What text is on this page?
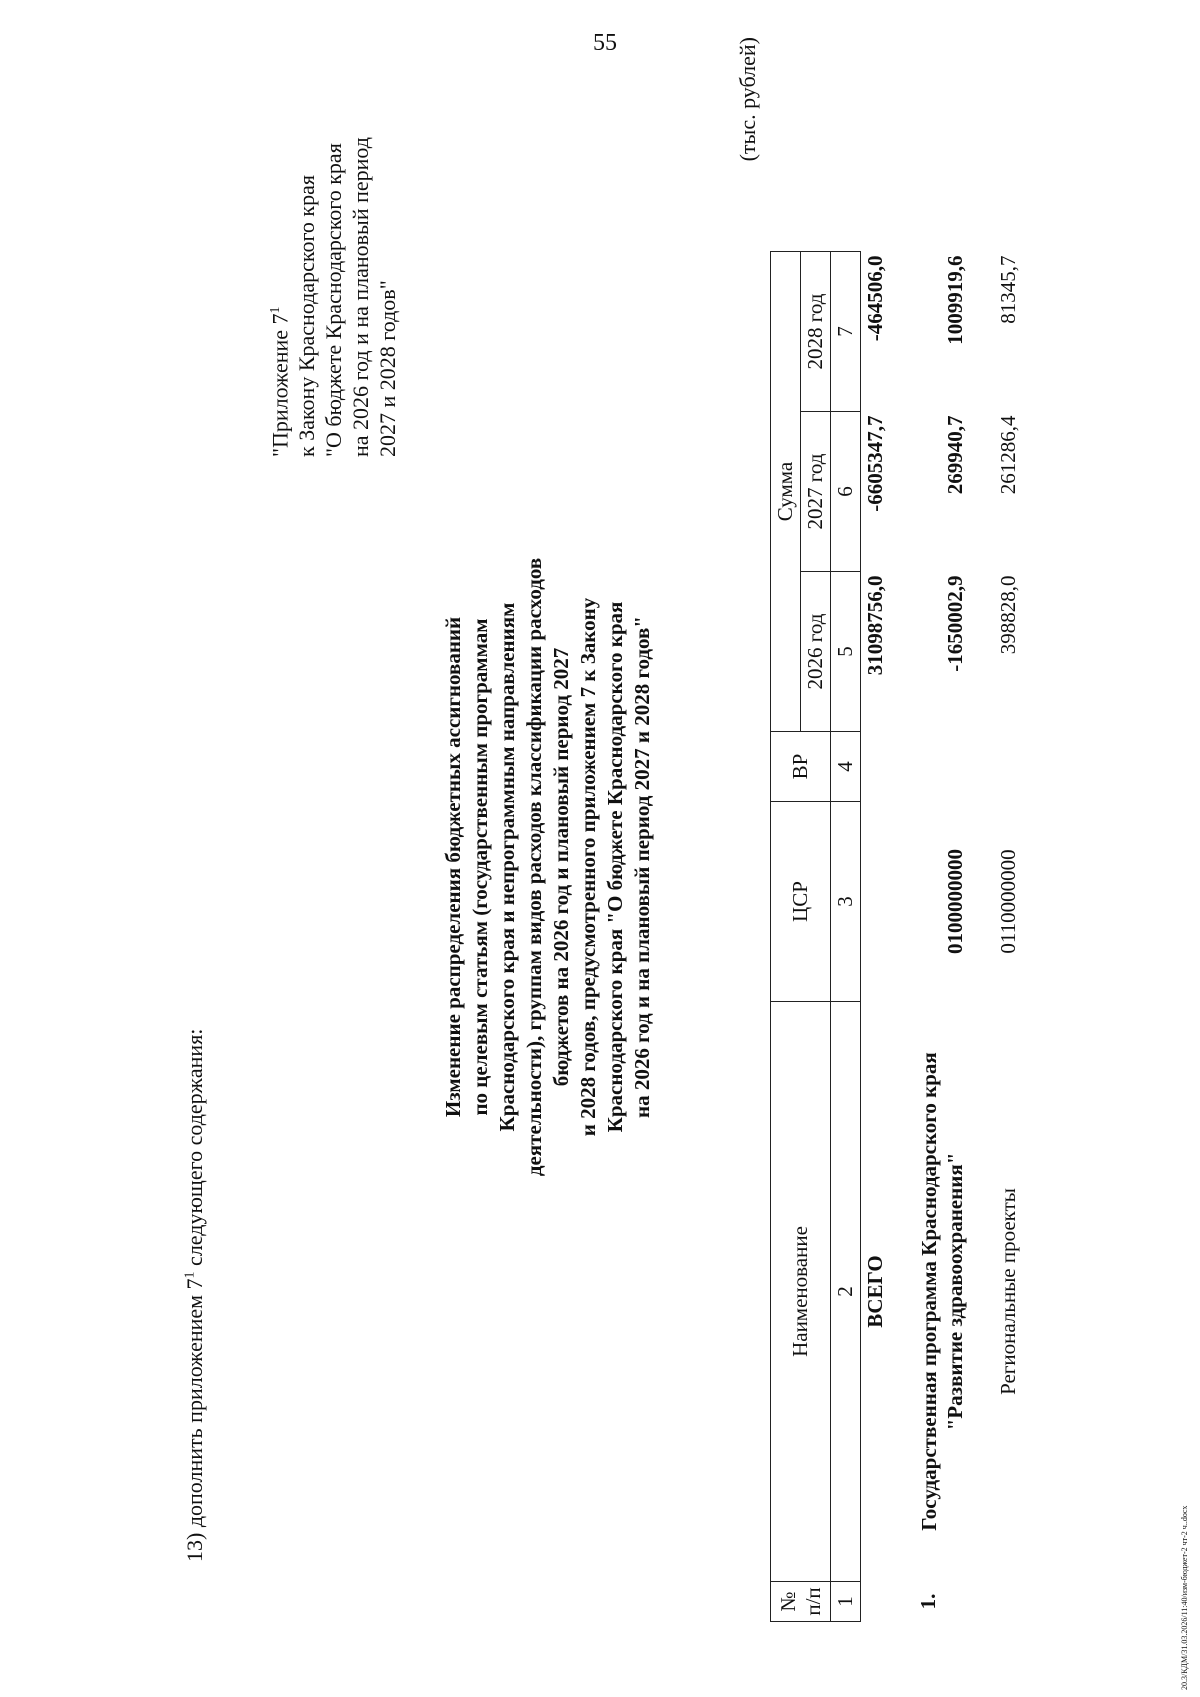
55
20.3/КДМ/31.03.2026/11:40/изм-бюджет-2 чт-2 ч..docx
13) дополнить приложением $7^1$ следующего содержания:
"Приложение $7^1$ к Закону Краснодарского края "О бюджете Краснодарского края на 2026 год и на плановый период 2027 и 2028 годов"
Изменение распределения бюджетных ассигнований по целевым статьям (государственным программам Краснодарского края и непрограммным направлениям деятельности), группам видов расходов классификации расходов бюджетов на 2026 год и плановый период 2027 и 2028 годов, предусмотренного приложением 7 к Закону Краснодарского края "О бюджете Краснодарского края на 2026 год и на плановый период 2027 и 2028 годов"
(тыс. рублей)
№ п/п	Наименование	ЦСР	ВР	Сумма		
				2026 год	2027 год	2028 год
1	2	3	4	5	6	7
	ВСЕГО			31098756,0	-6605347,7	-464506,0

1.	Государственная программа Краснодарского края "Развитие здравоохранения"	0100000000		-1650002,9	269940,7	1009919,6

	Региональные проекты	0110000000		398828,0	261286,4	81345,7
